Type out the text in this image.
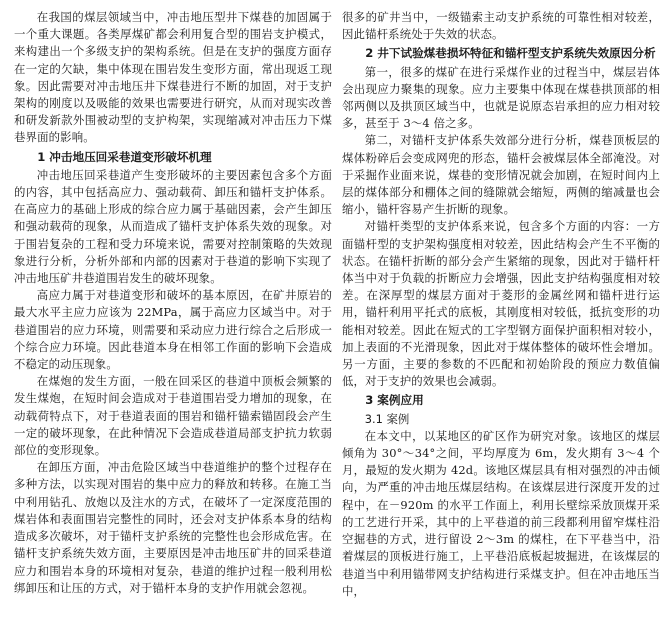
在我国的煤层领域当中，冲击地压型井下煤巷的加固属于一个重大课题。各类厚煤矿都会利用复合型的围岩支护模式，来构建出一个多级支护的架构系统。但是在支护的强度方面存在一定的欠缺，集中体现在围岩发生变形方面，常出现返工现象。因此需要对冲击地压井下煤巷进行不断的加固，对于支护架构的刚度以及吸能的效果也需要进行研究，从而对现实改善和研发新款外围被动型的支护构架，实现缩减对冲击压力下煤巷界面的影响。

1 冲击地压回采巷道变形破坏机理

冲击地压回采巷道产生变形破坏的主要因素包含多个方面的内容，其中包括高应力、强动载荷、卸压和锚杆支护体系。在高应力的基础上形成的综合应力属于基础因素，会产生卸压和强动载荷的现象，从而造成了锚杆支护体系失效的现象。对于围岩复杂的工程和受力环境来说，需要对控制策略的失效现象进行分析，分析外部和内部的因素对于巷道的影响下实现了冲击地压矿井巷道围岩发生的破坏现象。

高应力属于对巷道变形和破坏的基本原因，在矿井原岩的最大水平主应力应该为 22MPa，属于高应力区域当中。对于巷道围岩的应力环境，则需要和采动应力进行综合之后形成一个综合应力环境。因此巷道本身在相邻工作面的影响下会造成不稳定的动压现象。

在煤炮的发生方面，一般在回采区的巷道中顶板会频繁的发生煤炮，在短时间会造成对于巷道围岩受力增加的现象，在动载荷特点下，对于巷道表面的围岩和锚杆锚索锚固段会产生一定的破坏现象，在此种情况下会造成巷道局部支护抗力软弱部位的变形现象。

在卸压方面，冲击危险区域当中巷道维护的整个过程存在多种方法，以实现对围岩的集中应力的释放和转移。在施工当中利用钻孔、放炮以及注水的方式，在破坏了一定深度范围的煤岩体和表面围岩完整性的同时，还会对支护体系本身的结构造成多次破坏，对于锚杆支护系统的完整性也会形成危害。在锚杆支护系统失效方面，主要原因是冲击地压矿井的回采巷道应力和围岩本身的环境相对复杂，巷道的维护过程一般利用松绑卸压和让压的方式，对于锚杆本身的支护作用就会忽视。

很多的矿井当中，一级锚索主动支护系统的可靠性相对较差，因此锚杆系统处于失效的状态。

2 井下试验煤巷损坏特征和锚杆型支护系统失效原因分析

第一，很多的煤矿在进行采煤作业的过程当中，煤层岩体会出现应力聚集的现象。应力主要集中体现在煤巷拱顶部的相邻两侧以及拱顶区域当中，也就是说原态岩承担的应力相对较多，甚至于 3～4 倍之多。

第二，对锚杆支护体系失效部分进行分析，煤巷顶板层的煤体粉碎后会变成网兜的形态，锚杆会被煤层体全部淹没。对于采掘作业面来说，煤巷的变形情况就会加剧，在短时间内上层的煤体部分和棚体之间的缝隙就会缩短，两侧的缩减量也会缩小，锚杆容易产生折断的现象。

对锚杆类型的支护体系来说，包含多个方面的内容：一方面锚杆型的支护架构强度相对较差，因此结构会产生不平衡的状态。在锚杆折断的部分会产生紧缩的现象，因此对于锚杆杆体当中对于负载的折断应力会增强，因此支护结构强度相对较差。在深厚型的煤层方面对于菱形的金属丝网和锚杆进行运用，锚杆利用平托式的底板，其刚度相对较低，抵抗变形的功能相对较差。因此在短式的工字型钢方面保护面积相对较小，加上表面的不光滑现象，因此对于煤体整体的破坏性会增加。另一方面，主要的参数的不匹配和初始阶段的预应力数值偏低，对于支护的效果也会减弱。

3 案例应用
3.1 案例

在本文中，以某地区的矿区作为研究对象。该地区的煤层倾角为 30°～34°之间，平均厚度为 6m，发火期有 3～4 个月，最短的发火期为 42d。该地区煤层具有相对强烈的冲击倾向，为严重的冲击地压煤层结构。在该煤层进行深度开发的过程中，在－920m 的水平工作面上，利用长壁综采放顶煤开采的工艺进行开采，其中的上平巷道的前三段都利用留窄煤柱沿空掘巷的方式，进行留设 2～3m 的煤柱，在下平巷当中，沿着煤层的顶板进行施工，上平巷沿底板起坡掘进，在该煤层的巷道当中利用锚带网支护结构进行采煤支护。但在冲击地压当中，
